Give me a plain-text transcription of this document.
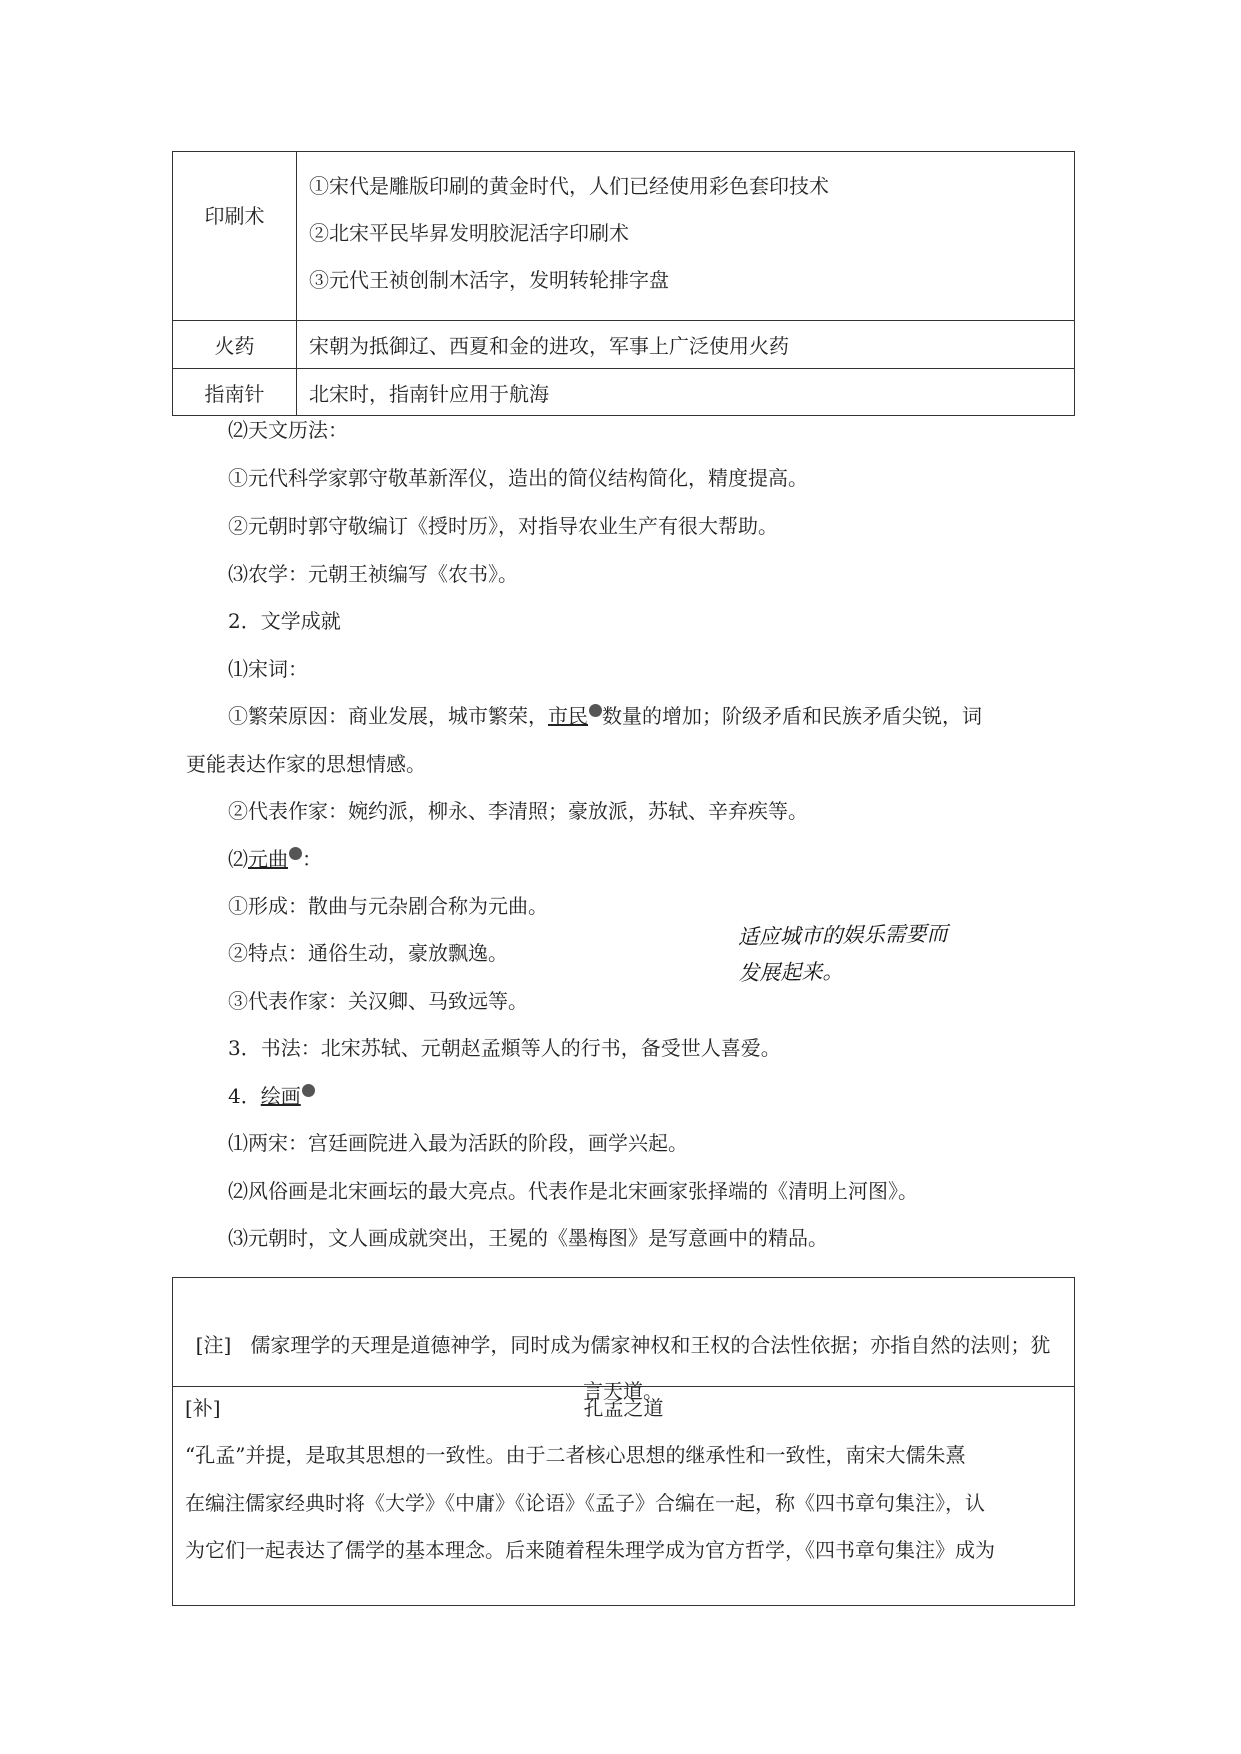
印刷术	①宋代是雕版印刷的黄金时代，人们已经使用彩色套印技术
②北宋平民毕昇发明胶泥活字印刷术
③元代王祯创制木活字，发明转轮排字盘

火药	宋朝为抵御辽、西夏和金的进攻，军事上广泛使用火药
指南针	北宋时，指南针应用于航海
⑵天文历法：
①元代科学家郭守敬革新浑仪，造出的简仪结构简化，精度提高。
②元朝时郭守敬编订《授时历》，对指导农业生产有很大帮助。
⑶农学：元朝王祯编写《农书》。
2．文学成就
⑴宋词：
①繁荣原因：商业发展，城市繁荣，市民 数量的增加；阶级矛盾和民族矛盾尖锐，词
更能表达作家的思想情感。
②代表作家：婉约派，柳永、李清照；豪放派，苏轼、辛弃疾等。
⑵元曲 ：
①形成：散曲与元杂剧合称为元曲。
②特点：通俗生动，豪放飘逸。
③代表作家：关汉卿、马致远等。
3．书法：北宋苏轼、元朝赵孟頫等人的行书，备受世人喜爱。
4．绘画
⑴两宋：宫廷画院进入最为活跃的阶段，画学兴起。
⑵风俗画是北宋画坛的最大亮点。代表作是北宋画家张择端的《清明上河图》。
⑶元朝时，文人画成就突出，王冕的《墨梅图》是写意画中的精品。
适应城市的娱乐需要而
发展起来。
[注] 儒家理学的天理是道德神学，同时成为儒家神权和王权的合法性依据；亦指自然的法则；犹言天道。
[补]	孔孟之道
“孔孟”并提，是取其思想的一致性。由于二者核心思想的继承性和一致性，南宋大儒朱熹
在编注儒家经典时将《大学》《中庸》《论语》《孟子》合编在一起，称《四书章句集注》，认
为它们一起表达了儒学的基本理念。后来随着程朱理学成为官方哲学，《四书章句集注》成为
